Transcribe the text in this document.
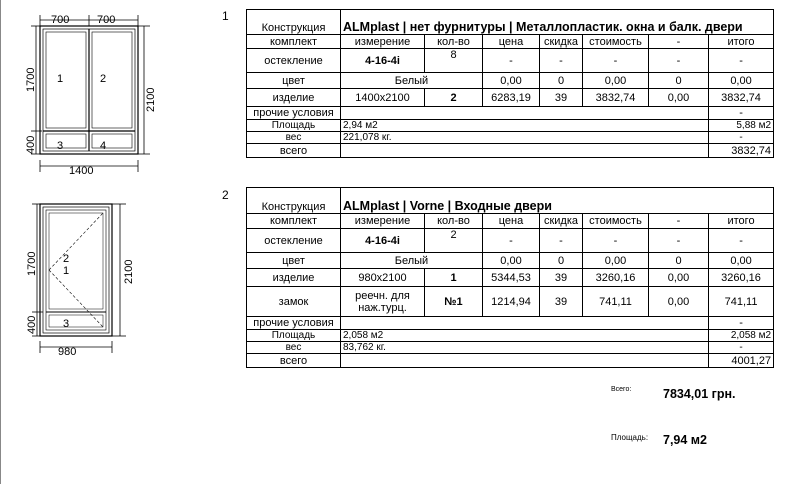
1
700	700
1	2
3	4
1700
400
2100
1400
Конструкция	ALMplast | нет фурнитуры | Металлопластик. окна и балк. двери						
комплект	измерение	кол-во	цена	скидка	стоимость	-	итого
остекление	4-16-4i	8	-	-	-	-	-
цвет	Белый		0,00	0	0,00	0	0,00
изделие	1400x2100	2	6283,19	39	3832,74	0,00	3832,74
прочие условия							-
Площадь	2,94 м2						5,88 м2
вес	221,078 кг.						-
всего							3832,74
2
2
1
3
1700
400
2100
980
Конструкция	ALMplast | Vorne | Входные двери						
комплект	измерение	кол-во	цена	скидка	стоимость	-	итого
остекление	4-16-4i	2	-	-	-	-	-
цвет	Белый		0,00	0	0,00	0	0,00
изделие	980x2100	1	5344,53	39	3260,16	0,00	3260,16
замок	реечн. для наж.турц.	№1	1214,94	39	741,11	0,00	741,11
прочие условия							-
Площадь	2,058 м2						2,058 м2
вес	83,762 кг.						-
всего							4001,27
Всего:	7834,01 грн.
Площадь: 7,94 м2
